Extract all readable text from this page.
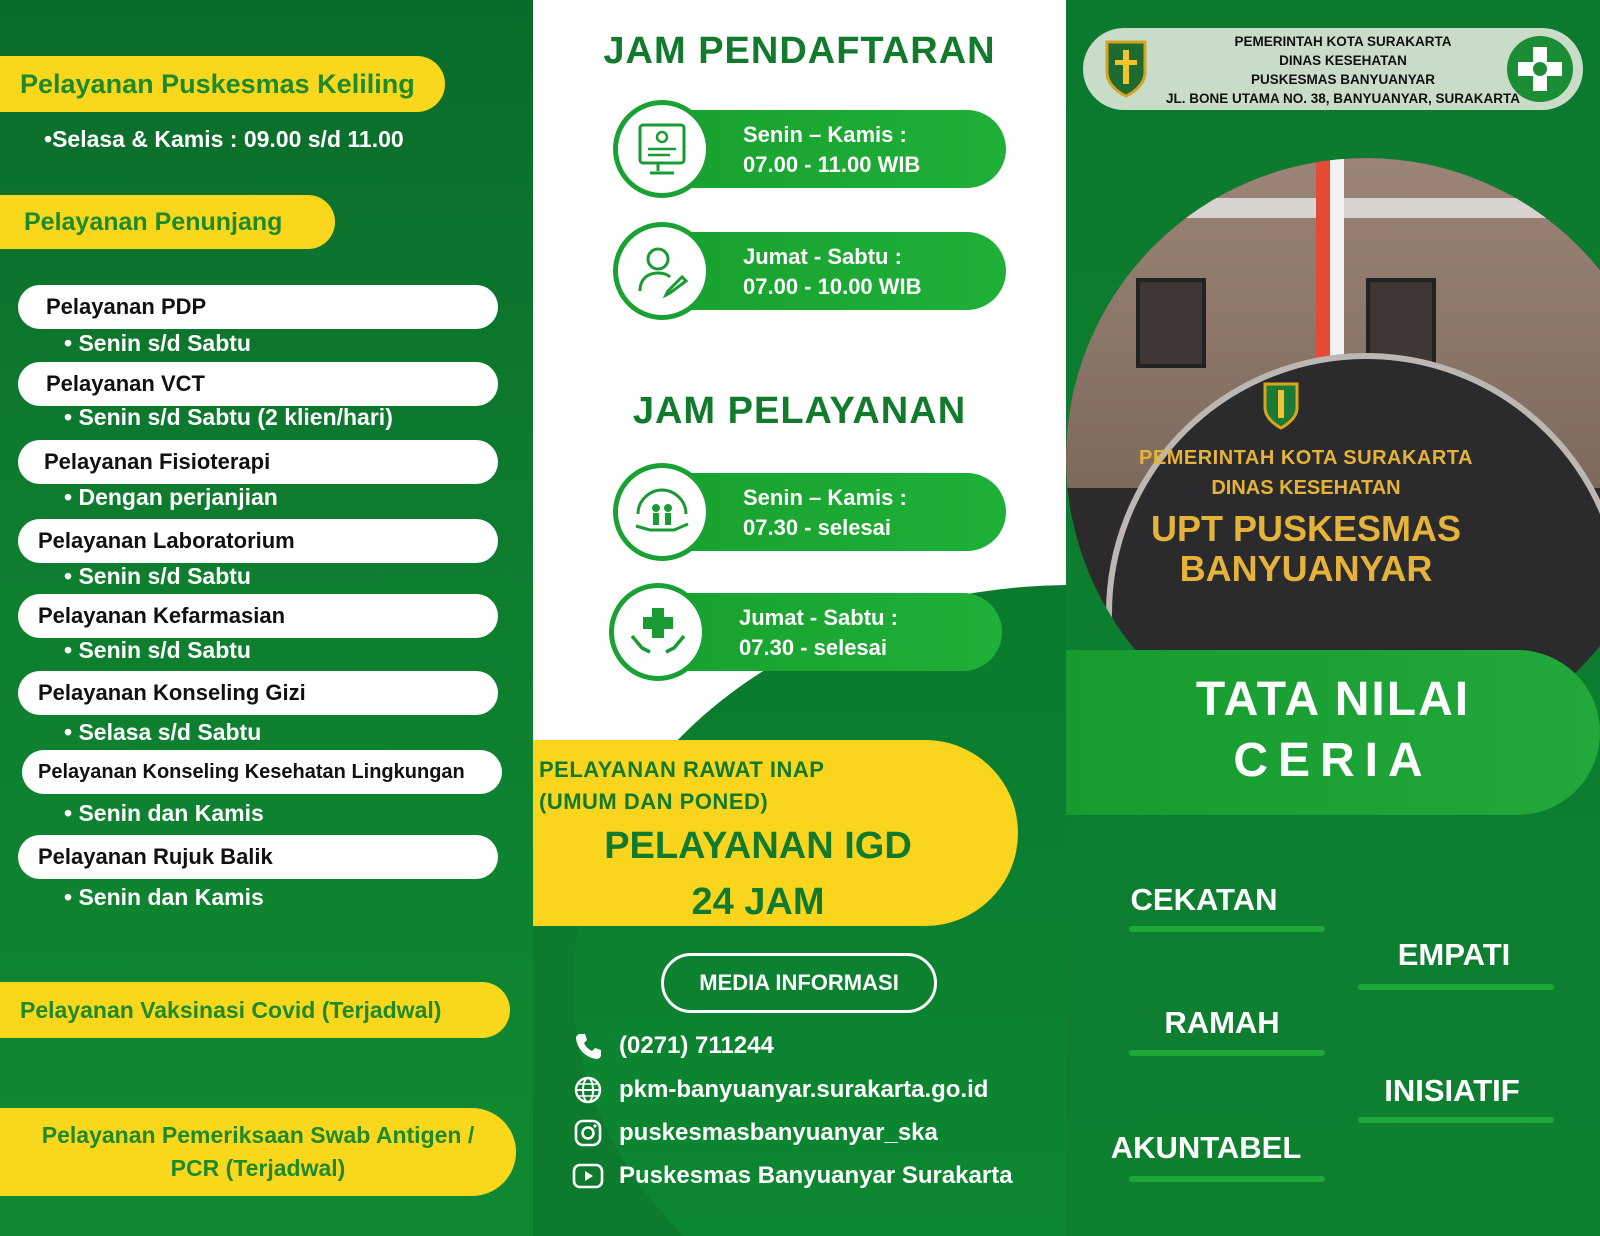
Pelayanan Puskesmas Keliling
•Selasa & Kamis : 09.00 s/d 11.00
Pelayanan Penunjang
Pelayanan PDP
• Senin s/d Sabtu
Pelayanan VCT
• Senin s/d Sabtu (2 klien/hari)
Pelayanan Fisioterapi
• Dengan perjanjian
Pelayanan Laboratorium
• Senin s/d Sabtu
Pelayanan Kefarmasian
• Senin s/d Sabtu
Pelayanan Konseling Gizi
• Selasa s/d Sabtu
Pelayanan Konseling Kesehatan Lingkungan
• Senin dan Kamis
Pelayanan Rujuk Balik
• Senin dan Kamis
Pelayanan Vaksinasi Covid (Terjadwal)
Pelayanan Pemeriksaan Swab Antigen /
PCR (Terjadwal)
JAM PENDAFTARAN
Senin – Kamis :
07.00 - 11.00 WIB
Jumat - Sabtu :
07.00 - 10.00 WIB
JAM PELAYANAN
Senin – Kamis :
07.30 - selesai
Jumat - Sabtu :
07.30 - selesai
PELAYANAN RAWAT INAP
(UMUM DAN PONED)
PELAYANAN IGD
24 JAM
MEDIA INFORMASI
(0271) 711244
pkm-banyuanyar.surakarta.go.id
puskesmasbanyuanyar_ska
Puskesmas Banyuanyar Surakarta
PEMERINTAH KOTA SURAKARTA
DINAS KESEHATAN
UPT PUSKESMAS
BANYUANYAR
PEMERINTAH KOTA SURAKARTA
DINAS KESEHATAN
PUSKESMAS BANYUANYAR
JL. BONE UTAMA NO. 38, BANYUANYAR, SURAKARTA
TATA NILAI
CERIA
CEKATAN
EMPATI
RAMAH
INISIATIF
AKUNTABEL
